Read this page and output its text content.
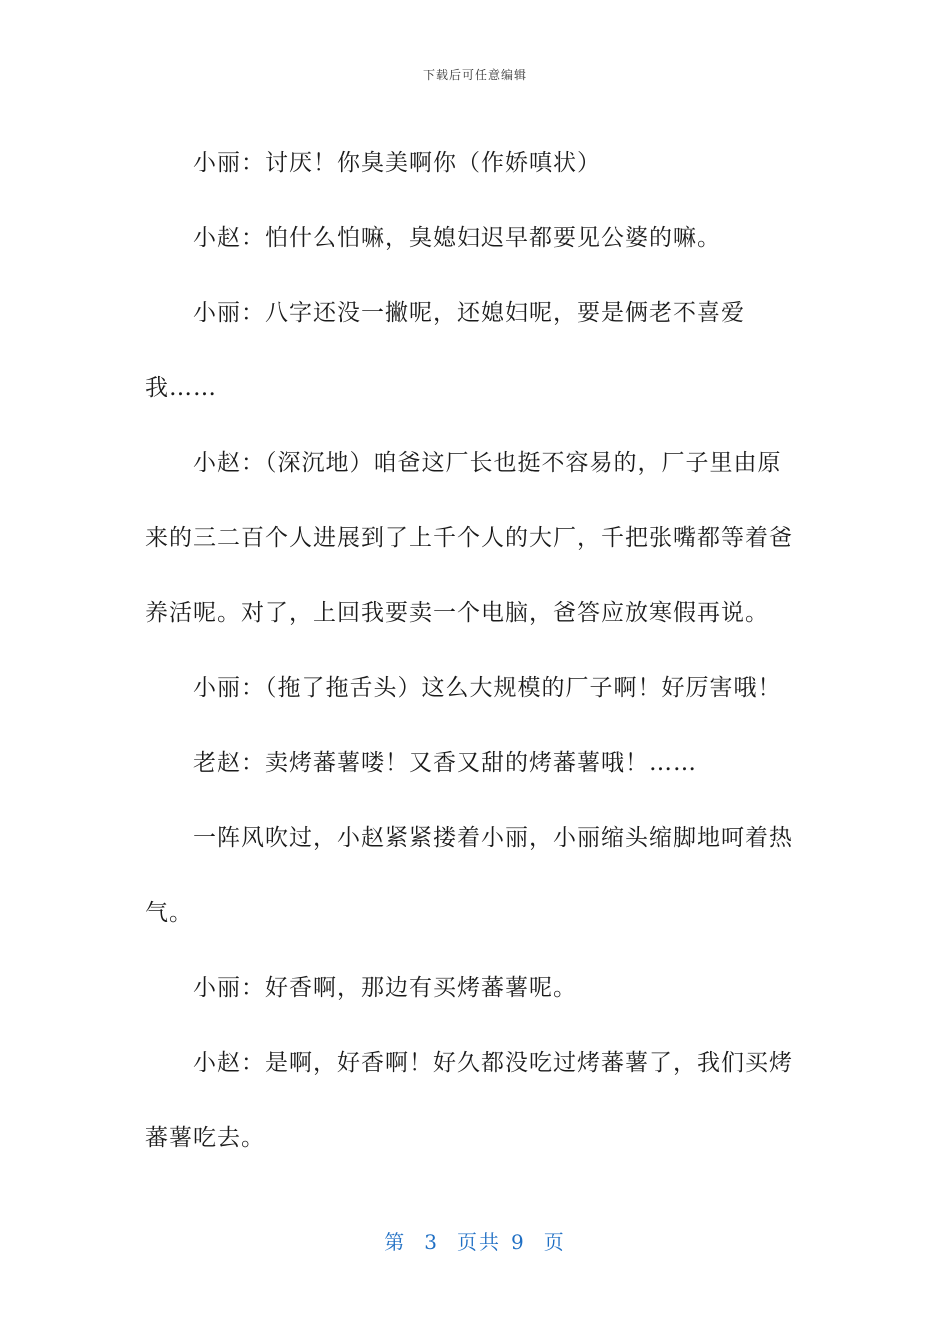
下载后可任意编辑

小丽：讨厌！你臭美啊你（作娇嗔状）

小赵：怕什么怕嘛，臭媳妇迟早都要见公婆的嘛。

小丽：八字还没一撇呢，还媳妇呢，要是俩老不喜爱我……

小赵：（深沉地）咱爸这厂长也挺不容易的，厂子里由原来的三二百个人进展到了上千个人的大厂，千把张嘴都等着爸养活呢。对了，上回我要卖一个电脑，爸答应放寒假再说。

小丽：（拖了拖舌头）这么大规模的厂子啊！好厉害哦！

老赵：卖烤蕃薯喽！又香又甜的烤蕃薯哦！……

一阵风吹过，小赵紧紧搂着小丽，小丽缩头缩脚地呵着热气。

小丽：好香啊，那边有买烤蕃薯呢。

小赵：是啊，好香啊！好久都没吃过烤蕃薯了，我们买烤蕃薯吃去。

第 3 页共 9 页
